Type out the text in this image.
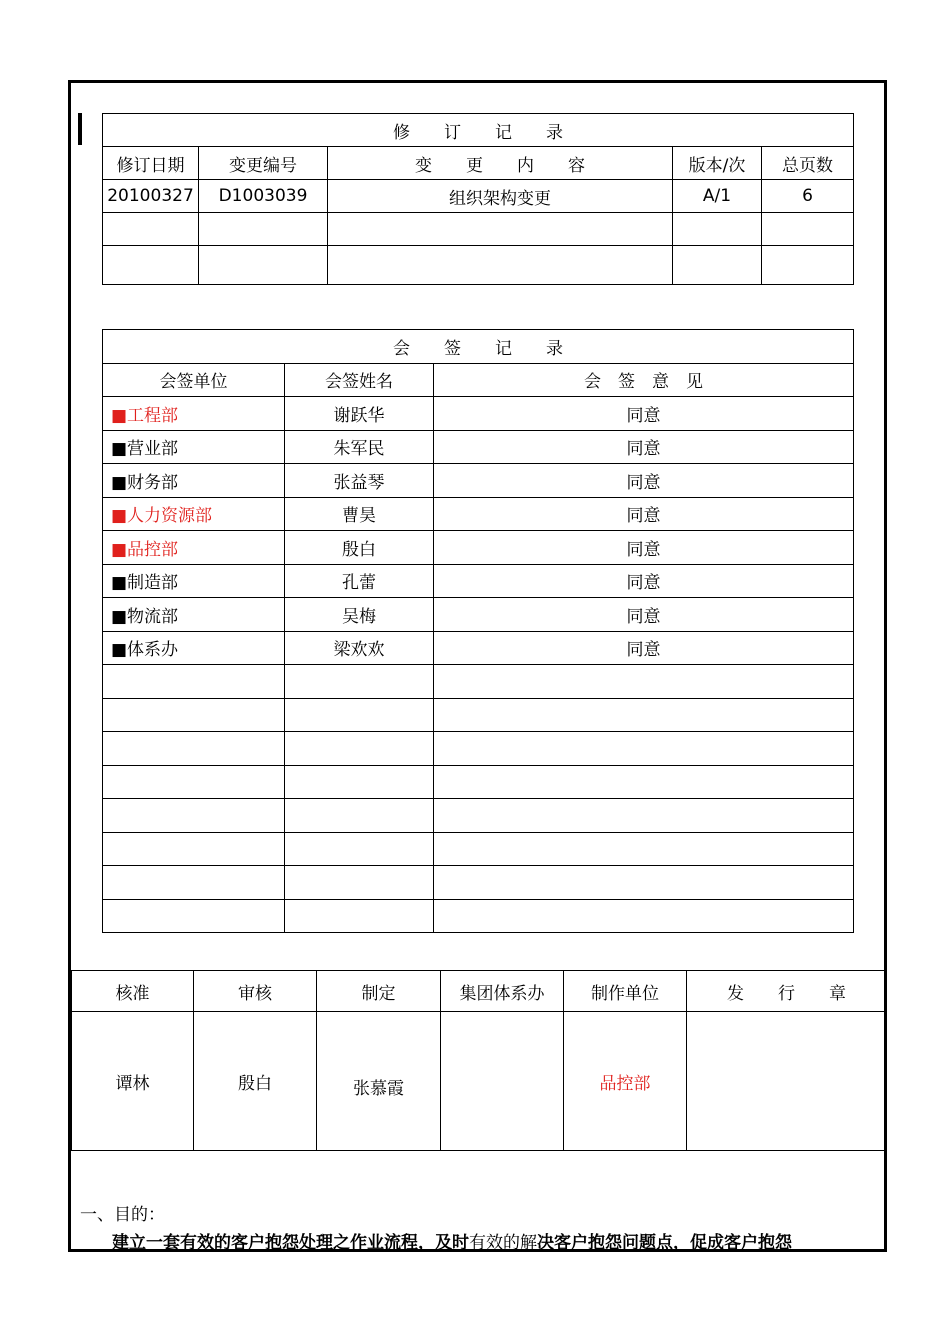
修　　订　　记　　录				
修订日期	变更编号	变　　更　　内　　容	版本/次	总页数
20100327	D1003039	组织架构变更	A/1	6

会　　签　　记　　录		
会签单位	会签姓名	会　签　意　见
■工程部	谢跃华	同意
■营业部	朱军民	同意
■财务部	张益琴	同意
■人力资源部	曹昊	同意
■品控部	殷白	同意
■制造部	孔蕾	同意
■物流部	吴梅	同意
■体系办	梁欢欢	同意

核准	审核	制定	集团体系办	制作单位	发　　行　　章
谭林	殷白	张慕霞		品控部	
一、目的：
建立一套有效的客户抱怨处理之作业流程，及时有效的解决客户抱怨问题点，促成客户抱怨
